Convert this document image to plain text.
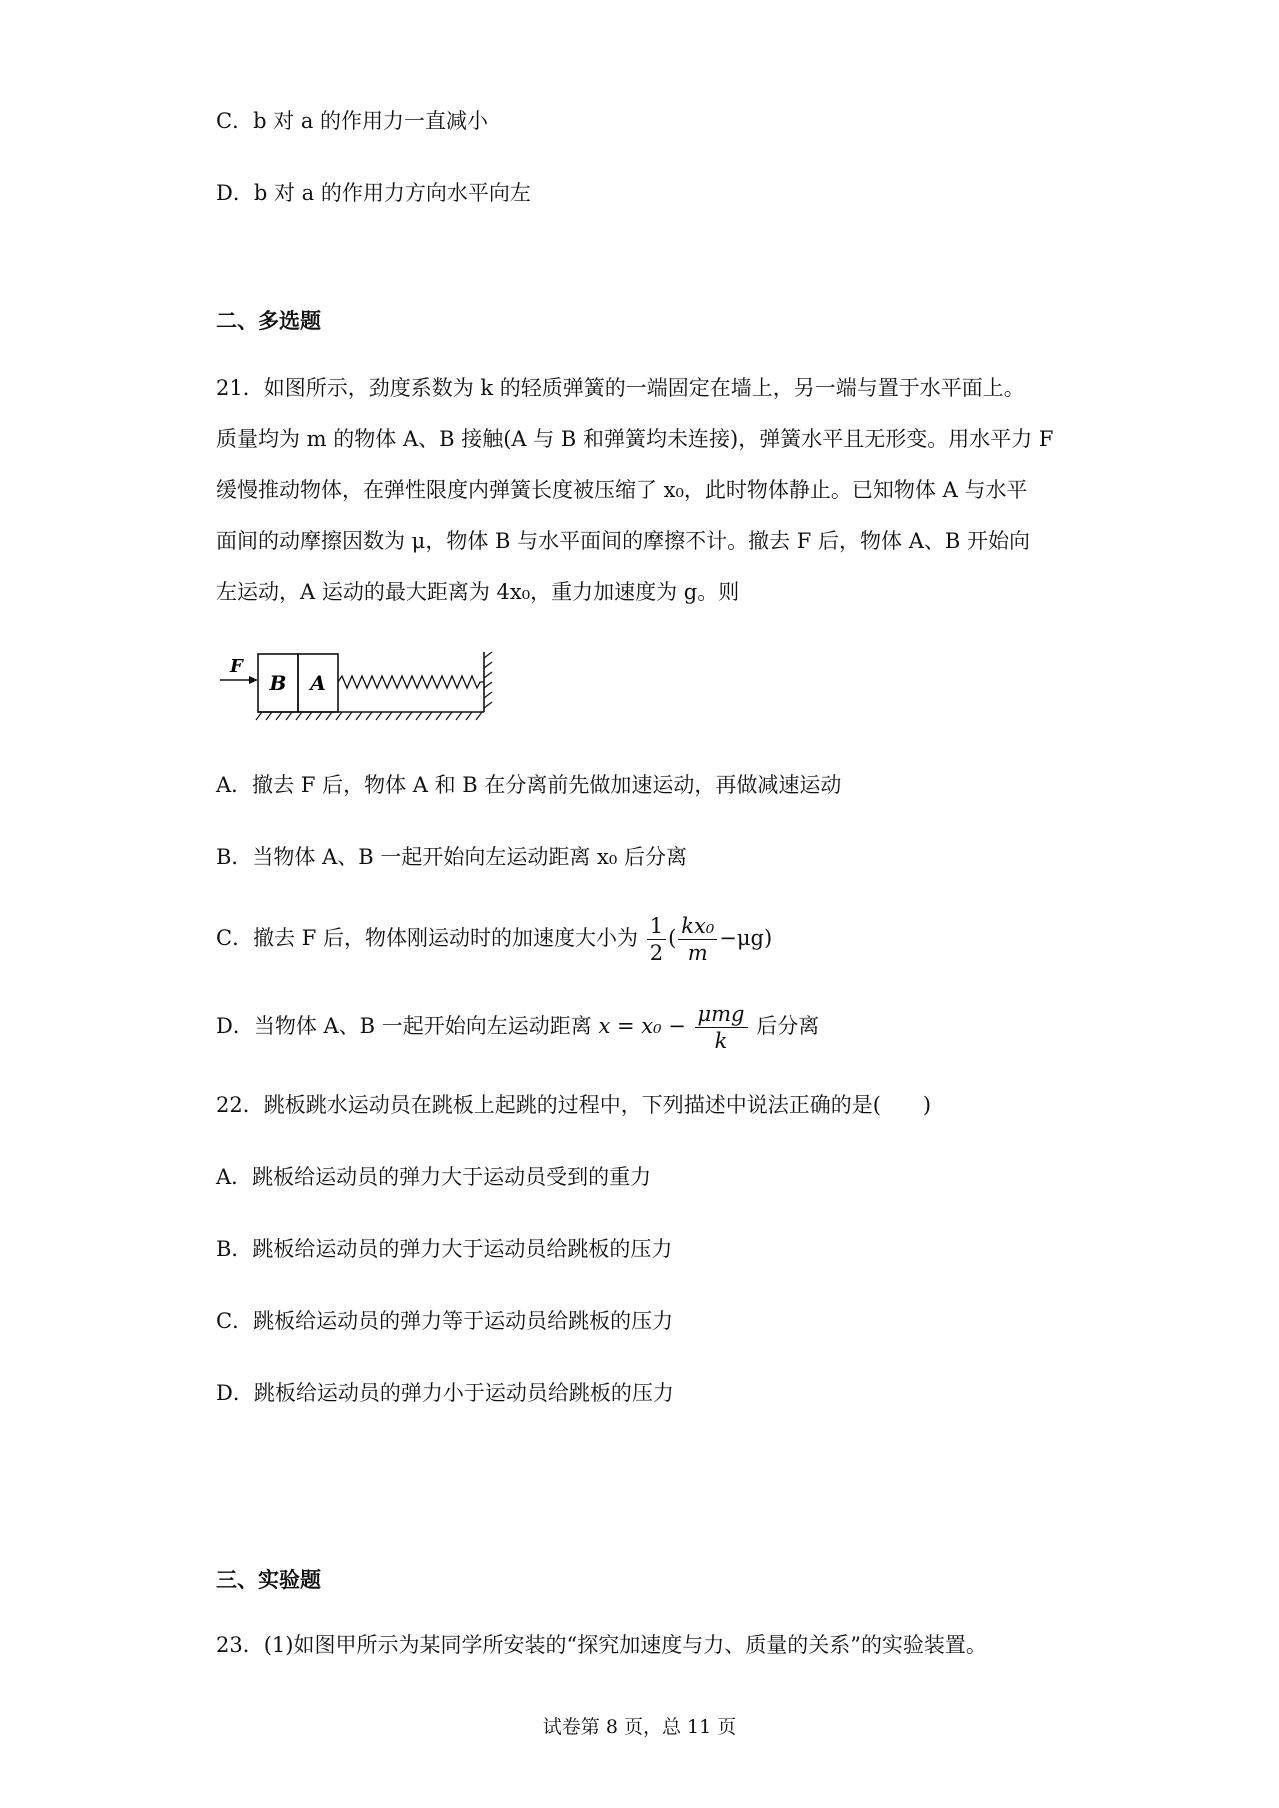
C．b 对 a 的作用力一直减小
D．b 对 a 的作用力方向水平向左
二、多选题
21．如图所示，劲度系数为 k 的轻质弹簧的一端固定在墙上，另一端与置于水平面上。
质量均为 m 的物体 A、B 接触(A 与 B 和弹簧均未连接)，弹簧水平且无形变。用水平力 F
缓慢推动物体，在弹性限度内弹簧长度被压缩了 x₀，此时物体静止。已知物体 A 与水平
面间的动摩擦因数为 μ，物体 B 与水平面间的摩擦不计。撤去 F 后，物体 A、B 开始向
左运动，A 运动的最大距离为 4x₀，重力加速度为 g。则
B A
F
A．撤去 F 后，物体 A 和 B 在分离前先做加速运动，再做减速运动
B．当物体 A、B 一起开始向左运动距离 x₀ 后分离
C．撤去 F 后，物体刚运动时的加速度大小为 $\frac{1}{2}$ ( $\frac{\text{kx₀}}{m} -\mu g$)
D．当物体 A、B 一起开始向左运动距离 $x = x_0 - \frac{\text{μmg}}{k}$ 后分离
22．跳板跳水运动员在跳板上起跳的过程中，下列描述中说法正确的是(　　)
A．跳板给运动员的弹力大于运动员受到的重力
B．跳板给运动员的弹力大于运动员给跳板的压力
C．跳板给运动员的弹力等于运动员给跳板的压力
D．跳板给运动员的弹力小于运动员给跳板的压力
三、实验题
23．(1)如图甲所示为某同学所安装的“探究加速度与力、质量的关系”的实验装置。
试卷第 8 页，总 11 页
